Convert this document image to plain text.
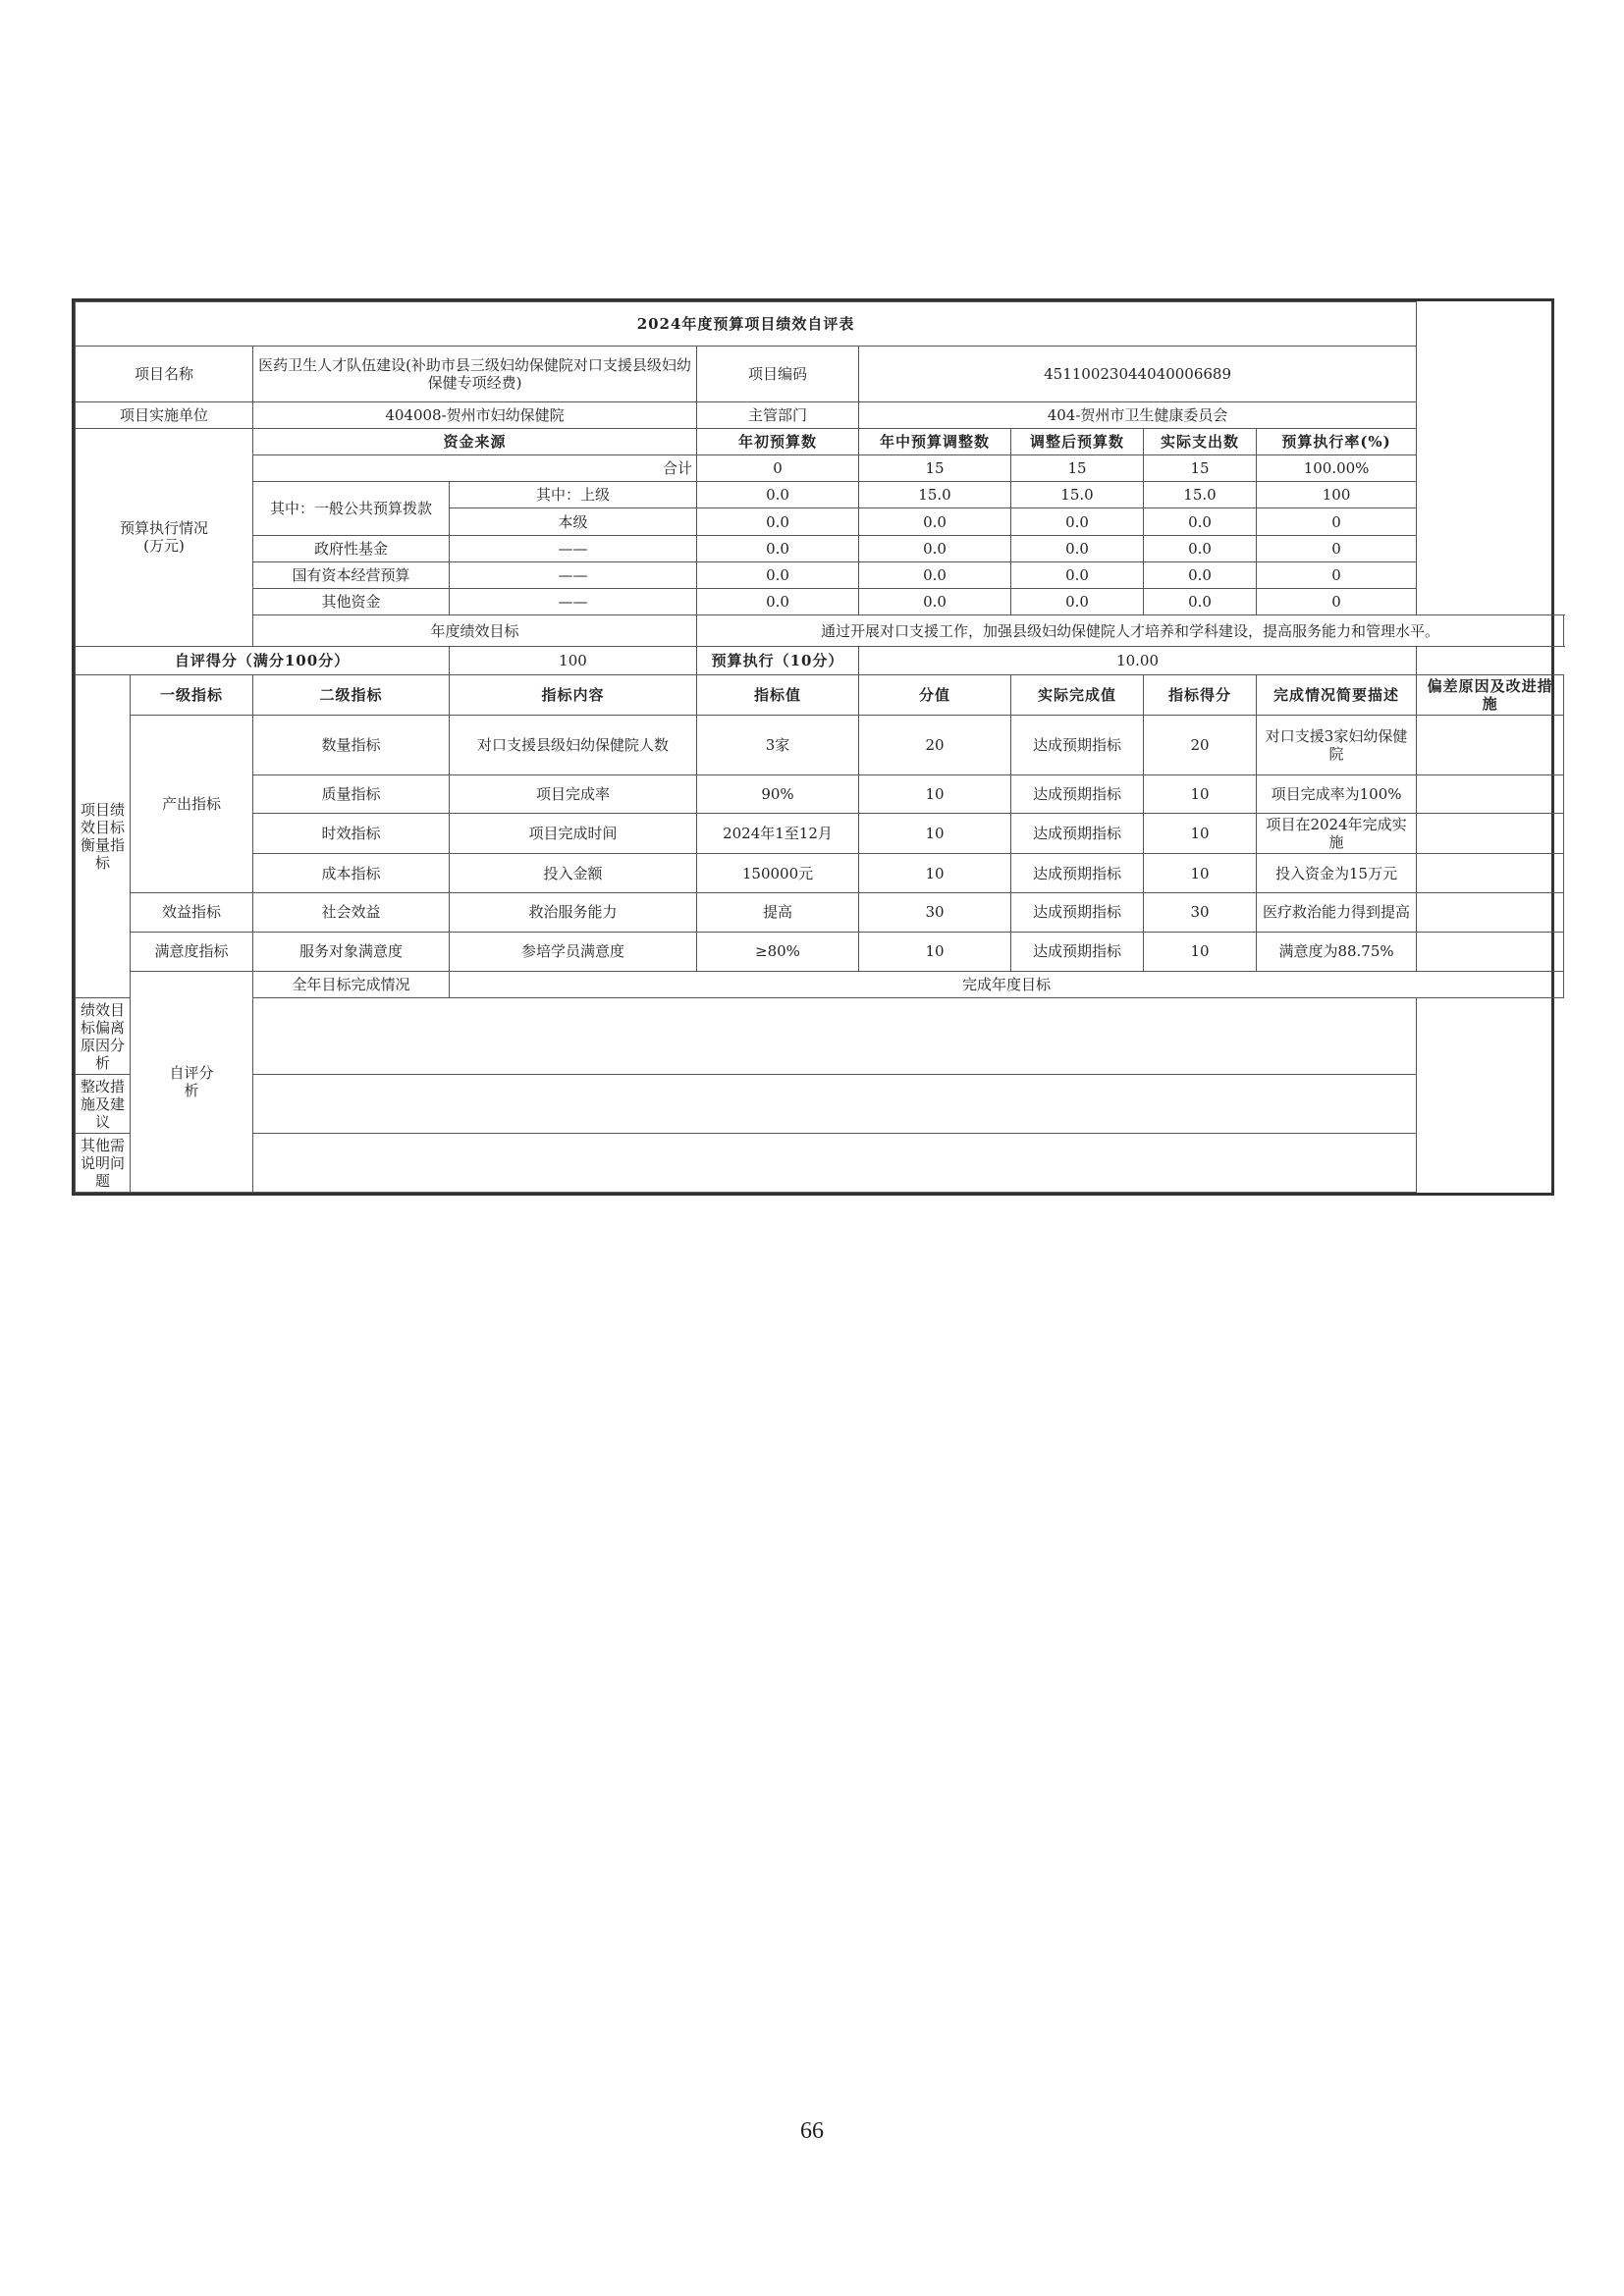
2024年度预算项目绩效自评表									
项目名称		医药卫生人才队伍建设(补助市县三级妇幼保健院对口支援县级妇幼保健专项经费)		项目编码	45110023044040006689				
项目实施单位		404008-贺州市妇幼保健院		主管部门	404-贺州市卫生健康委员会				
预算执行情况
(万元)		资金来源		年初预算数	年中预算调整数	调整后预算数	实际支出数	预算执行率(%)	
		合计		0	15	15	15	100.00%	
		其中：一般公共预算拨款	其中：上级	0.0	15.0	15.0	15.0	100	
			本级	0.0	0.0	0.0	0.0	0	
		政府性基金	——	0.0	0.0	0.0	0.0	0	
		国有资本经营预算	——	0.0	0.0	0.0	0.0	0	
		其他资金	——	0.0	0.0	0.0	0.0	0	
		年度绩效目标		通过开展对口支援工作，加强县级妇幼保健院人才培养和学科建设，提高服务能力和管理水平。					
自评得分（满分100分）			100	预算执行（10分）	10.00				
项目绩
效目标
衡量指
标	一级指标	二级指标	指标内容	指标值	分值	实际完成值	指标得分	完成情况简要描述	偏差原因及改进措施
	产出指标	数量指标	对口支援县级妇幼保健院人数	3家	20	达成预期指标	20	对口支援3家妇幼保健院	
		质量指标	项目完成率	90%	10	达成预期指标	10	项目完成率为100%	
		时效指标	项目完成时间	2024年1至12月	10	达成预期指标	10	项目在2024年完成实施	
		成本指标	投入金额	150000元	10	达成预期指标	10	投入资金为15万元	
	效益指标	社会效益	救治服务能力	提高	30	达成预期指标	30	医疗救治能力得到提高	
	满意度指标	服务对象满意度	参培学员满意度	≥80%	10	达成预期指标	10	满意度为88.75%	
	自评分
析	全年目标完成情况	完成年度目标						
绩效目标偏离原因分析									
整改措施及建议									
其他需说明问题									
66
